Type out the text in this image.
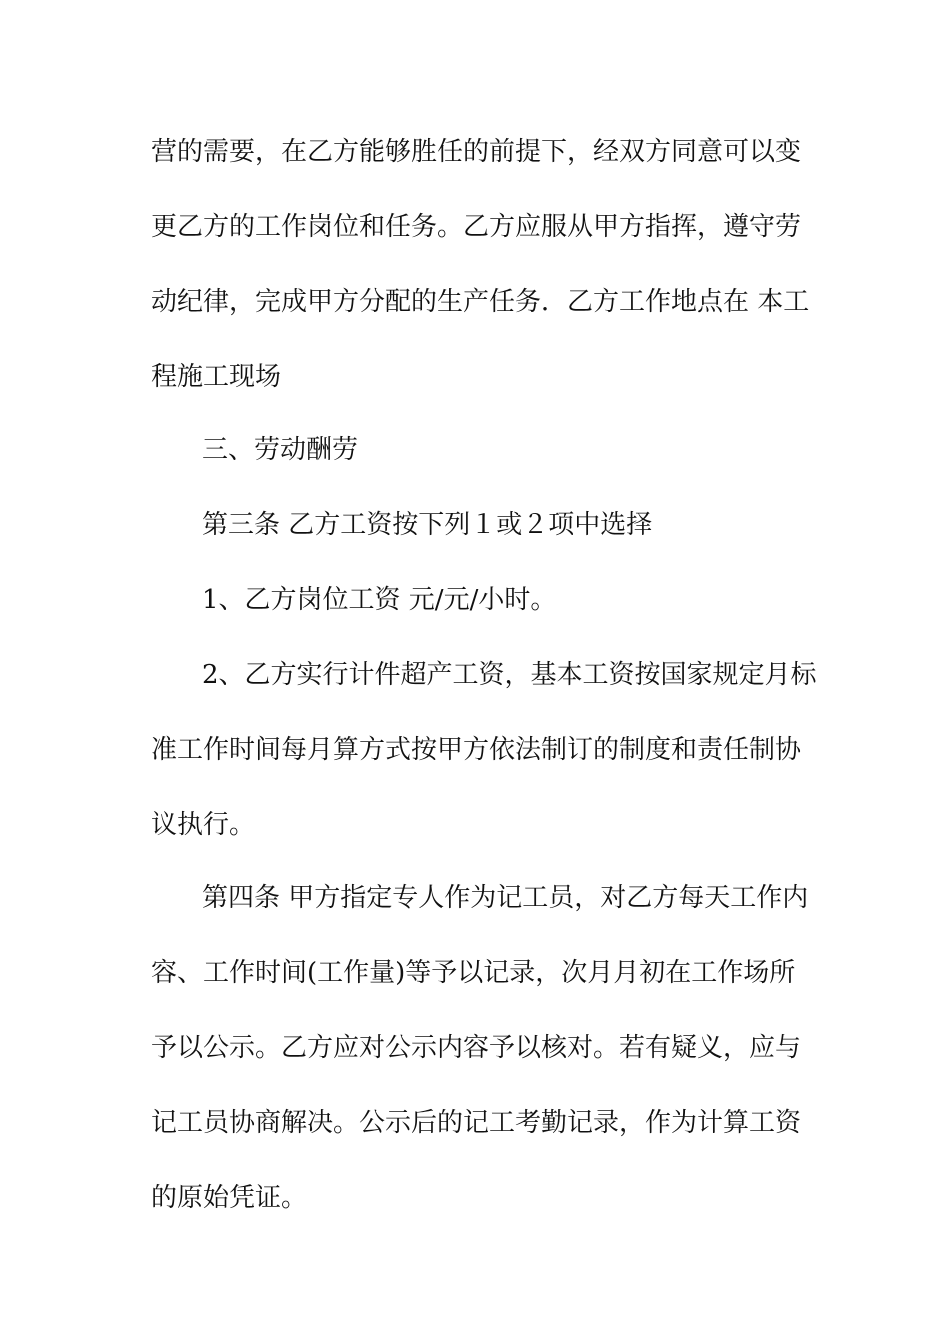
营的需要，在乙方能够胜任的前提下，经双方同意可以变
更乙方的工作岗位和任务。乙方应服从甲方指挥，遵守劳
动纪律，完成甲方分配的生产任务．乙方工作地点在 本工
程施工现场
三、劳动酬劳
第三条 乙方工资按下列１或２项中选择
1、乙方岗位工资 元/元/小时。
2、乙方实行计件超产工资，基本工资按国家规定月标
准工作时间每月算方式按甲方依法制订的制度和责任制协
议执行。
第四条 甲方指定专人作为记工员，对乙方每天工作内
容、工作时间(工作量)等予以记录，次月月初在工作场所
予以公示。乙方应对公示内容予以核对。若有疑义，应与
记工员协商解决。公示后的记工考勤记录，作为计算工资
的原始凭证。
